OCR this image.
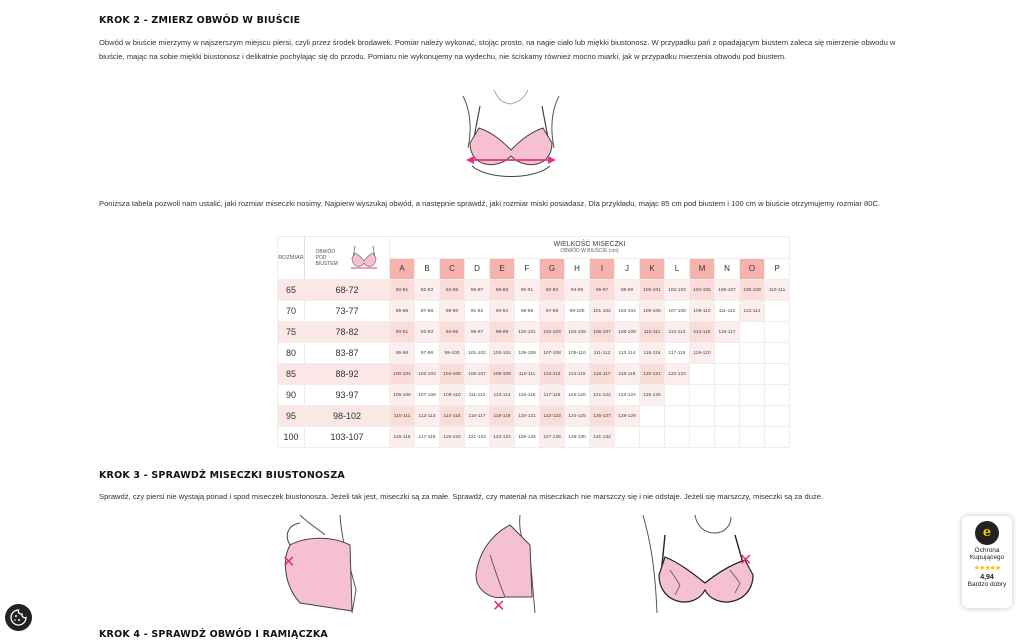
KROK 2 - ZMIERZ OBWÓD W BIUŚCIE

Obwód w biuście mierzymy w najszerszym miejscu piersi, czyli przez środek brodawek. Pomiar należy wykonać, stojąc prosto, na nagie ciało lub miękki biustonosz. W przypadku pań z opadającym biustem zaleca się mierzenie obwodu w biuście, mając na sobie miękki biustonosz i delikatnie pochylając się do przodu. Pomiaru nie wykonujemy na wydechu, nie ściskamy również mocno miarki, jak w przypadku mierzenia obwodu pod biustem.

Poniższa tabela pozwoli nam ustalić, jaki rozmiar miseczki nosimy. Najpierw wyszukaj obwód, a następnie sprawdź, jaki rozmiar miski posiadasz. Dla przykładu, mając 85 cm pod biustem i 100 cm w biuście otrzymujemy rozmiar 80C.

KROK 3 - SPRAWDŹ MISECZKI BIUSTONOSZA

Sprawdź, czy piersi nie wystają ponad i spod miseczek biustonosza. Jeżeli tak jest, miseczki są za małe. Sprawdź, czy materiał na miseczkach nie marszczy się i nie odstaje. Jeżeli się marszczy, miseczki są za duże.

KROK 4 - SPRAWDŹ OBWÓD I RAMIĄCZKA
ROZMIAR	OBWÓD POD BIUSTEM	WIELKOŚĆ MISECZKI
OBWÓD W BIUŚCIE (cm)															

		A	B	C	D	E	F	G	H	I	J	K	L	M	N	O	P
65	68-72	80-81	82-83	84-85	86-87	88-89	90-91	92-93	94-95	96-97	98-99	100-101	102-103	104-105	106-107	108-109	110-111
70	73-77	85-86	87-88	89-90	91-92	93-94	95-96	97-98	99-100	101-102	103-104	105-106	107-108	109-110	111-112	113-114	
75	78-82	90-91	92-93	94-95	96-97	98-99	100-101	102-103	104-105	106-107	108-109	110-111	112-113	114-115	116-117		
80	83-87	95-96	97-98	99-100	101-102	103-104	105-106	107-108	109-110	111-112	113-114	115-116	117-118	119-120			
85	88-92	100-101	102-103	104-105	106-107	108-109	110-111	112-113	114-115	116-117	118-119	120-121	122-123				
90	93-97	105-106	107-108	109-110	111-112	113-114	115-116	117-118	119-120	121-122	123-124	125-126					
95	98-102	110-111	112-113	114-115	116-117	118-119	120-121	122-123	124-125	126-127	128-129						
100	103-107	115-116	117-118	119-120	121-122	123-124	125-126	127-128	129-130	131-132							
✕
✕
✕
e
Ochrona
Kupującego
★★★★★
4,94
Bardzo dobry
